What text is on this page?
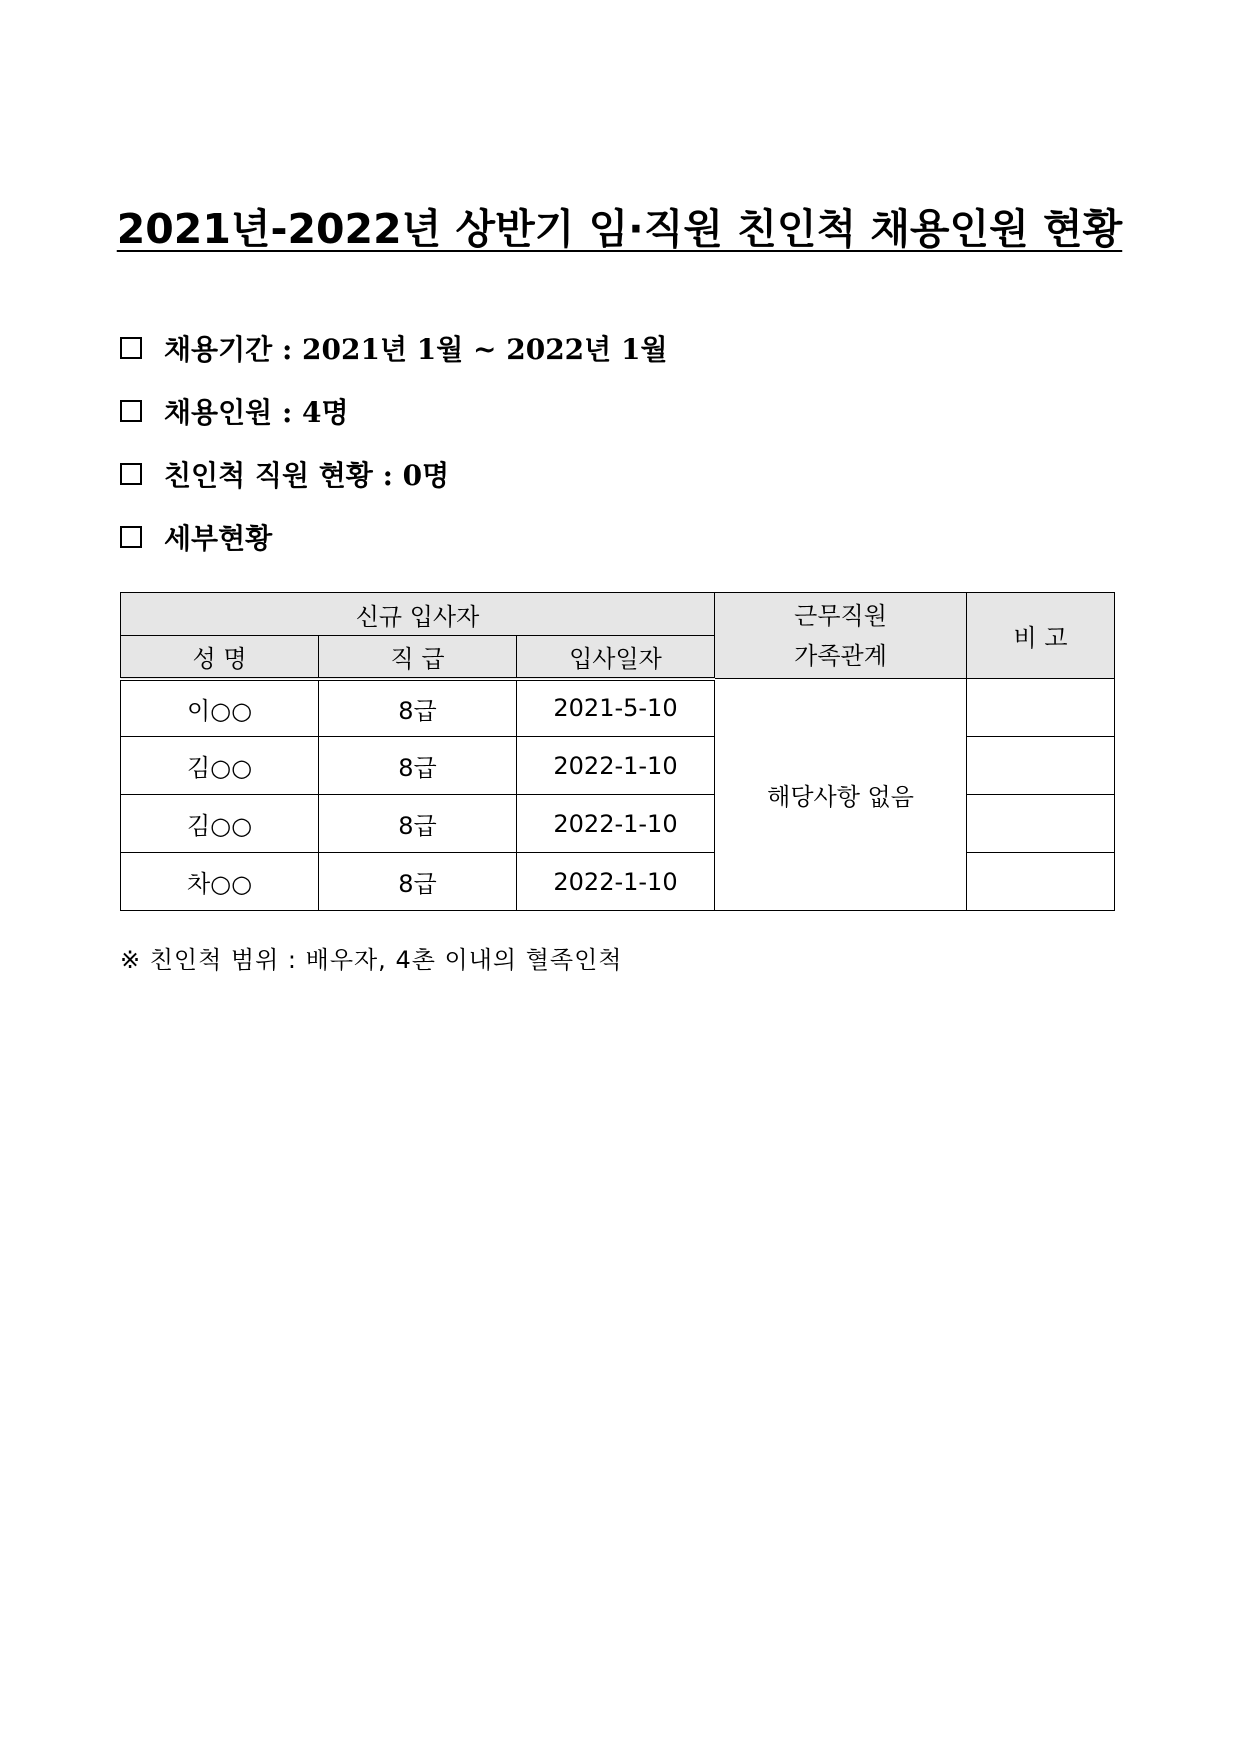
2021년-2022년 상반기 임·직원 친인척 채용인원 현황
채용기간 : 2021년 1월 ~ 2022년 1월
채용인원 : 4명
친인척 직원 현황 : 0명
세부현황
신규 입사자			근무직원 가족관계	비 고
성 명	직 급	입사일자		
이○○	8급	2021-5-10	해당사항 없음	
김○○	8급	2022-1-10		
김○○	8급	2022-1-10		
차○○	8급	2022-1-10		
※ 친인척 범위 : 배우자, 4촌 이내의 혈족인척
